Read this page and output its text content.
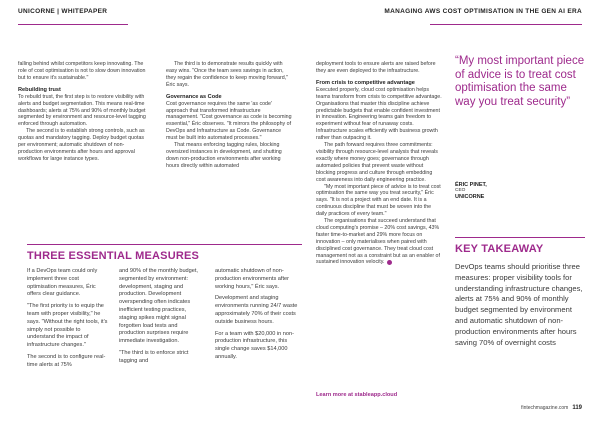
UNICORNE | WHITEPAPER	MANAGING AWS COST OPTIMISATION IN THE GEN AI ERA

falling behind whilst competitors keep innovating. The role of cost optimisation is not to slow down innovation but to ensure it's sustainable."

Rebuilding trust

To rebuild trust, the first step is to restore visibility with alerts and budget segmentation. This means real-time dashboards; alerts at 75% and 90% of monthly budget segmented by environment and resource-level tagging enforced through automation.

The second is to establish strong controls, such as quotas and mandatory tagging. Deploy budget quotas per environment; automatic shutdown of non-production environments after hours and approval workflows for large instance types.

The third is to demonstrate results quickly with easy wins. "Once the team sees savings in action, they regain the confidence to keep moving forward," Éric says.

Governance as Code

Cost governance requires the same 'as code' approach that transformed infrastructure management. "Cost governance as code is becoming essential," Éric observes. "It mirrors the philosophy of DevOps and Infrastructure as Code. Governance must be built into automated processes."

That means enforcing tagging rules, blocking oversized instances in development, and shutting down non-production environments after working hours directly within automated

deployment tools to ensure alerts are raised before they are even deployed to the infrastructure.

From crisis to competitive advantage

Executed properly, cloud cost optimisation helps teams transform from crisis to competitive advantage. Organisations that master this discipline achieve predictable budgets that enable confident investment in innovation. Engineering teams gain freedom to experiment without fear of runaway costs. Infrastructure scales efficiently with business growth rather than outpacing it.

The path forward requires three commitments: visibility through resource-level analysis that reveals exactly where money goes; governance through automated policies that prevent waste without blocking progress and culture through embedding cost awareness into daily engineering practice.

"My most important piece of advice is to treat cost optimisation the same way you treat security," Éric says. "It is not a project with an end date. It is a continuous discipline that must be woven into the daily practices of every team."

The organisations that succeed understand that cloud computing's promise – 20% cost savings, 43% faster time-to-market and 29% more focus on innovation – only materialises when paired with disciplined cost governance. They treat cloud cost management not as a constraint but as an enabler of sustained innovation velocity.

“My most important piece of advice is to treat cost optimisation the same way you treat security”
ÉRIC PINET,
CEO
UNICORNE
THREE ESSENTIAL MEASURES

If a DevOps team could only implement three cost optimisation measures, Éric offers clear guidance.

"The first priority is to equip the team with proper visibility," he says. "Without the right tools, it's simply not possible to understand the impact of infrastructure changes."

The second is to configure real-time alerts at 75%

and 90% of the monthly budget, segmented by environment: development, staging and production. Development overspending often indicates inefficient testing practices, staging spikes might signal forgotten load tests and production surprises require immediate investigation.

"The third is to enforce strict tagging and

automatic shutdown of non-production environments after working hours," Éric says.

Development and staging environments running 24/7 waste approximately 70% of their costs outside business hours.

For a team with $20,000 in non-production infrastructure, this single change saves $14,000 annually.

KEY TAKEAWAY
DevOps teams should prioritise three measures: proper visibility tools for understanding infrastructure changes, alerts at 75% and 90% of monthly budget segmented by environment and automatic shutdown of non-production environments after hours saving 70% of overnight costs
Learn more at stableapp.cloud
fintechmagazine.com 119
